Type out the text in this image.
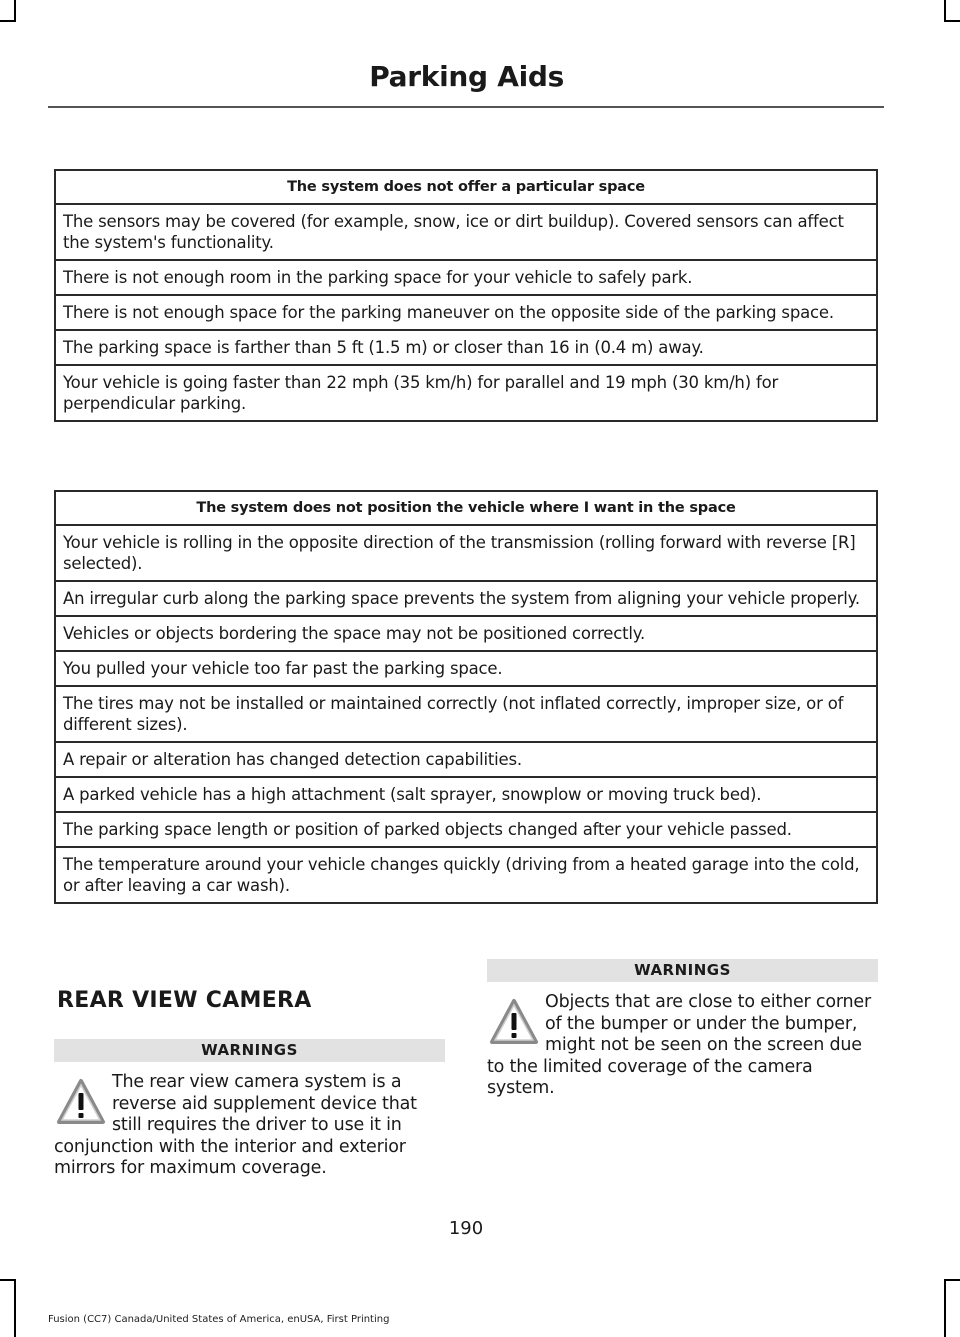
Parking Aids
The system does not offer a particular space
The sensors may be covered (for example, snow, ice or dirt buildup). Covered sensors can affect the system's functionality.
There is not enough room in the parking space for your vehicle to safely park.
There is not enough space for the parking maneuver on the opposite side of the parking space.
The parking space is farther than 5 ft (1.5 m) or closer than 16 in (0.4 m) away.
Your vehicle is going faster than 22 mph (35 km/h) for parallel and 19 mph (30 km/h) for perpendicular parking.
The system does not position the vehicle where I want in the space
Your vehicle is rolling in the opposite direction of the transmission (rolling forward with reverse [R] selected).
An irregular curb along the parking space prevents the system from aligning your vehicle properly.
Vehicles or objects bordering the space may not be positioned correctly.
You pulled your vehicle too far past the parking space.
The tires may not be installed or maintained correctly (not inflated correctly, improper size, or of different sizes).
A repair or alteration has changed detection capabilities.
A parked vehicle has a high attachment (salt sprayer, snowplow or moving truck bed).
The parking space length or position of parked objects changed after your vehicle passed.
The temperature around your vehicle changes quickly (driving from a heated garage into the cold, or after leaving a car wash).
REAR VIEW CAMERA
WARNINGS
The rear view camera system is a reverse aid supplement device that still requires the driver to use it in conjunction with the interior and exterior mirrors for maximum coverage.
WARNINGS
Objects that are close to either corner of the bumper or under the bumper, might not be seen on the screen due to the limited coverage of the camera system.
190
Fusion (CC7) Canada/United States of America, enUSA, First Printing
